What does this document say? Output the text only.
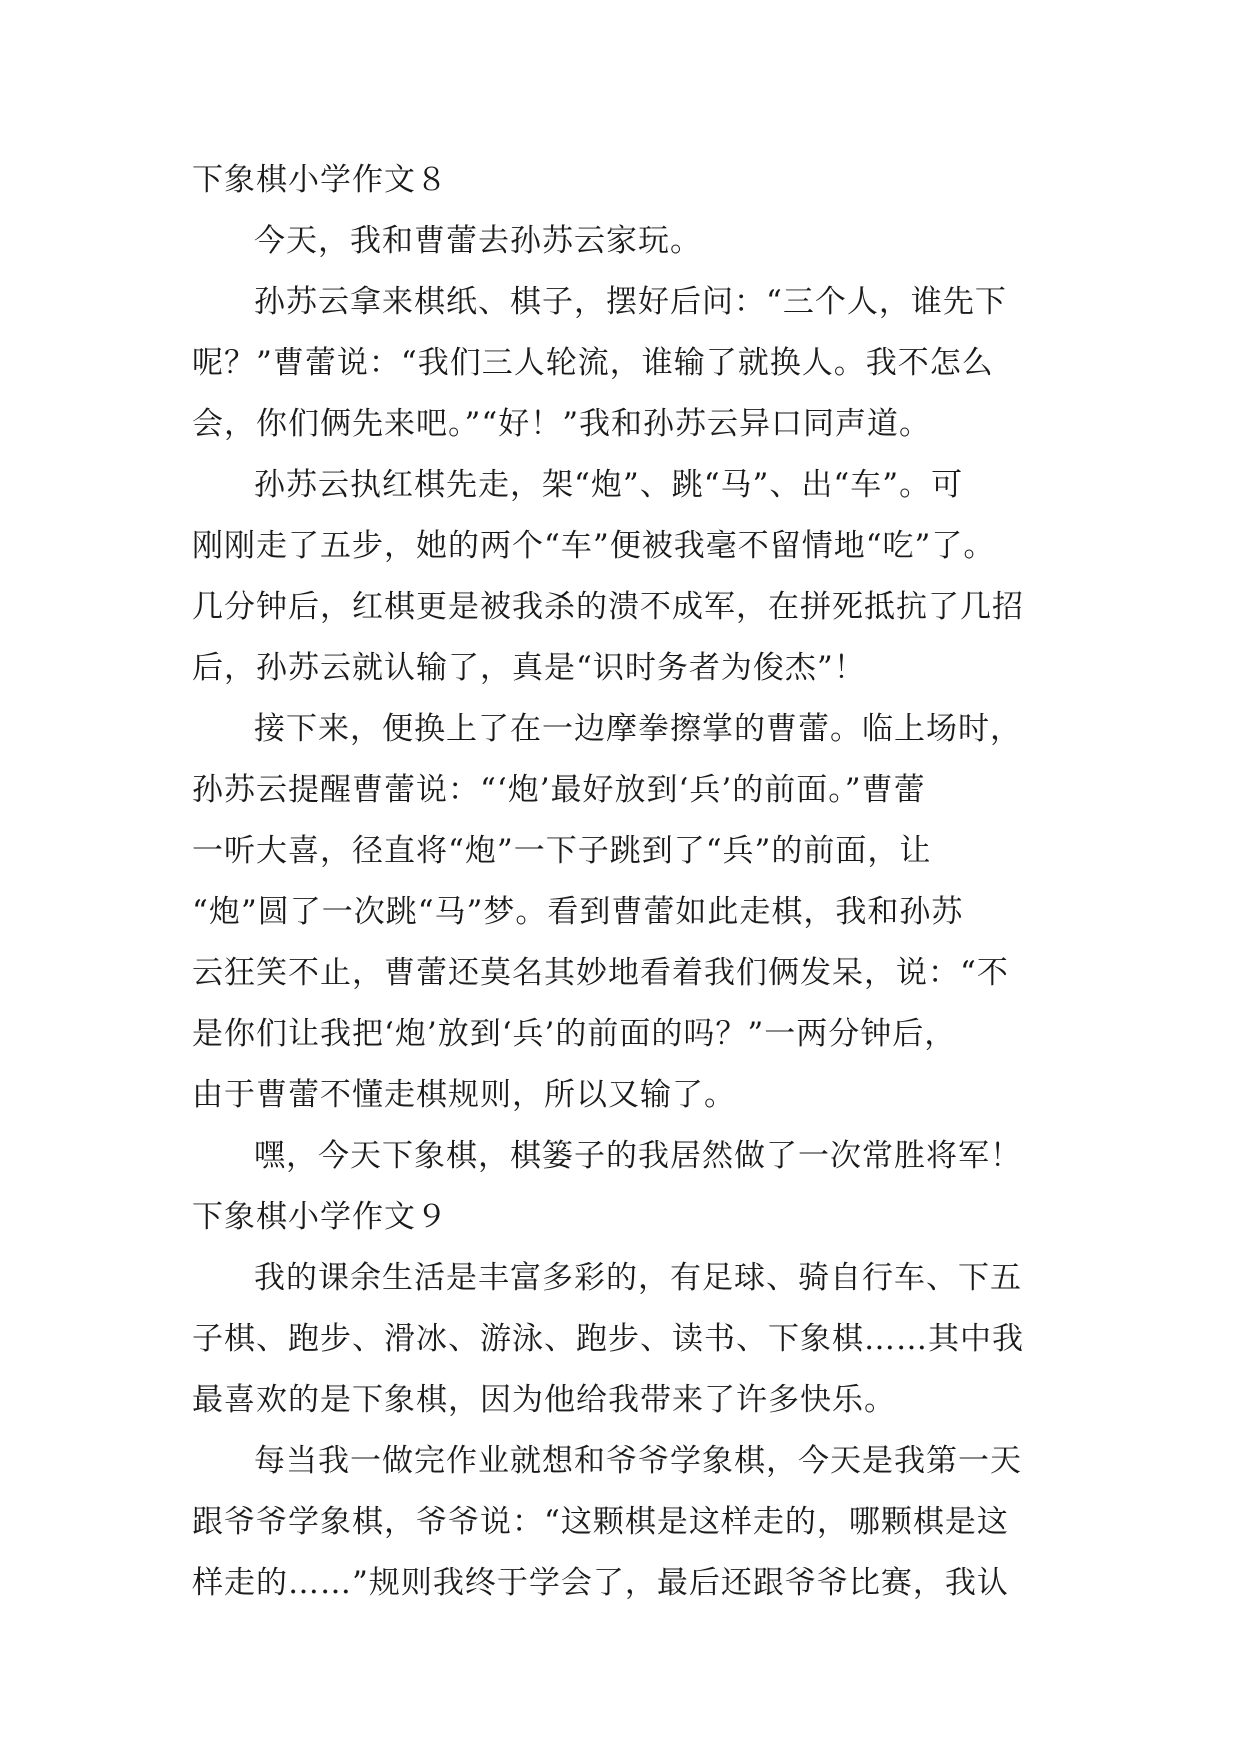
下象棋小学作文８
今天，我和曹蕾去孙苏云家玩。
孙苏云拿来棋纸、棋子，摆好后问：“三个人，谁先下
呢？”曹蕾说：“我们三人轮流，谁输了就换人。我不怎么
会，你们俩先来吧。”“好！”我和孙苏云异口同声道。
孙苏云执红棋先走，架“炮”、跳“马”、出“车”。可
刚刚走了五步，她的两个“车”便被我毫不留情地“吃”了。
几分钟后，红棋更是被我杀的溃不成军，在拼死抵抗了几招
后，孙苏云就认输了，真是“识时务者为俊杰”！
接下来，便换上了在一边摩拳擦掌的曹蕾。临上场时，
孙苏云提醒曹蕾说：“‘炮’最好放到‘兵’的前面。”曹蕾
一听大喜，径直将“炮”一下子跳到了“兵”的前面，让
“炮”圆了一次跳“马”梦。看到曹蕾如此走棋，我和孙苏
云狂笑不止，曹蕾还莫名其妙地看着我们俩发呆，说：“不
是你们让我把‘炮’放到‘兵’的前面的吗？”一两分钟后，
由于曹蕾不懂走棋规则，所以又输了。
嘿，今天下象棋，棋篓子的我居然做了一次常胜将军！
下象棋小学作文９
我的课余生活是丰富多彩的，有足球、骑自行车、下五
子棋、跑步、滑冰、游泳、跑步、读书、下象棋……其中我
最喜欢的是下象棋，因为他给我带来了许多快乐。
每当我一做完作业就想和爷爷学象棋，今天是我第一天
跟爷爷学象棋，爷爷说：“这颗棋是这样走的，哪颗棋是这
样走的……”规则我终于学会了，最后还跟爷爷比赛，我认
